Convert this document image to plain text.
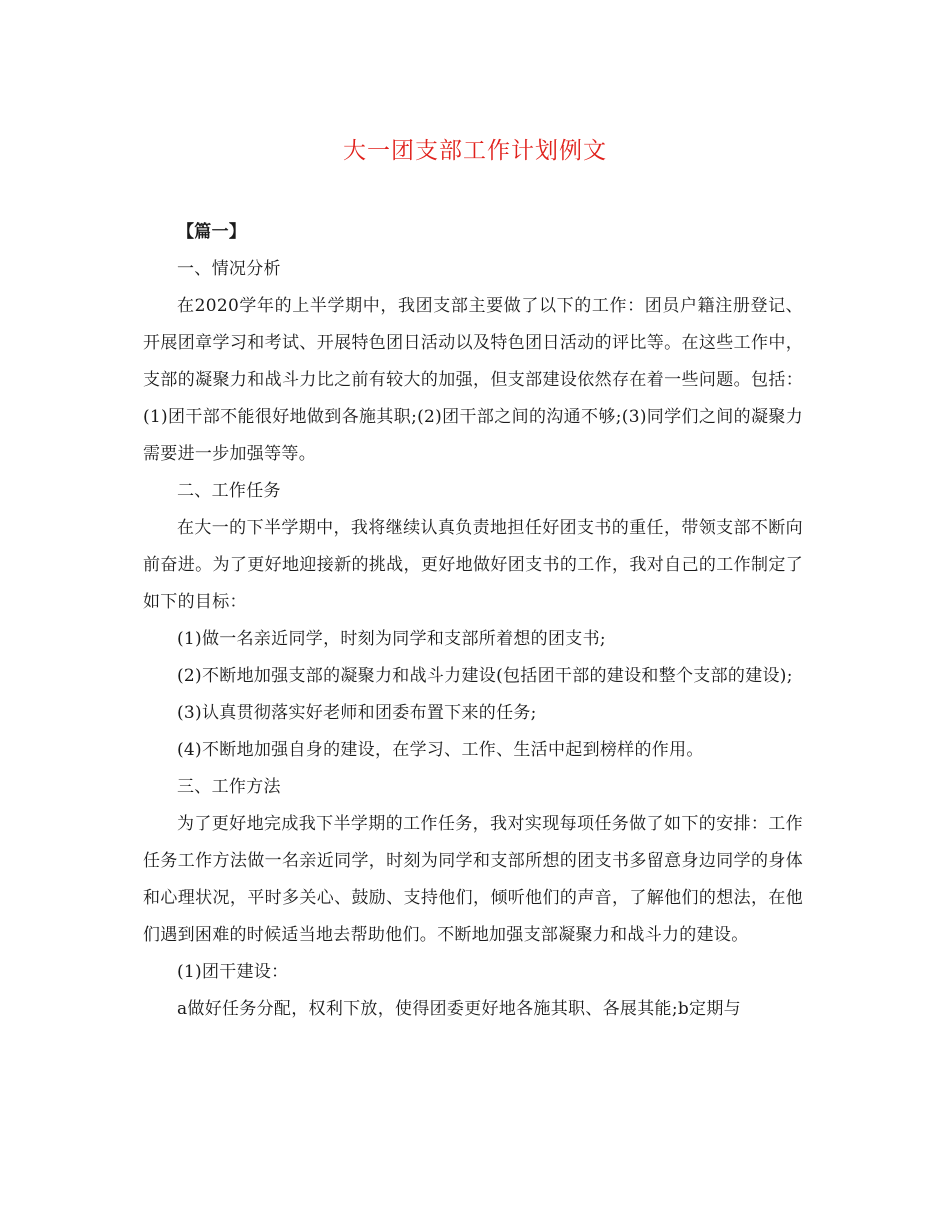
大一团支部工作计划例文

【篇一】

一、情况分析

在2020学年的上半学期中，我团支部主要做了以下的工作：团员户籍注册登记、开展团章学习和考试、开展特色团日活动以及特色团日活动的评比等。在这些工作中，支部的凝聚力和战斗力比之前有较大的加强，但支部建设依然存在着一些问题。包括：(1)团干部不能很好地做到各施其职;(2)团干部之间的沟通不够;(3)同学们之间的凝聚力需要进一步加强等等。

二、工作任务

在大一的下半学期中，我将继续认真负责地担任好团支书的重任，带领支部不断向前奋进。为了更好地迎接新的挑战，更好地做好团支书的工作，我对自己的工作制定了如下的目标：

(1)做一名亲近同学，时刻为同学和支部所着想的团支书;

(2)不断地加强支部的凝聚力和战斗力建设(包括团干部的建设和整个支部的建设);

(3)认真贯彻落实好老师和团委布置下来的任务;

(4)不断地加强自身的建设，在学习、工作、生活中起到榜样的作用。

三、工作方法

为了更好地完成我下半学期的工作任务，我对实现每项任务做了如下的安排：工作任务工作方法做一名亲近同学，时刻为同学和支部所想的团支书多留意身边同学的身体和心理状况，平时多关心、鼓励、支持他们，倾听他们的声音，了解他们的想法，在他们遇到困难的时候适当地去帮助他们。不断地加强支部凝聚力和战斗力的建设。

(1)团干建设：

a做好任务分配，权利下放，使得团委更好地各施其职、各展其能;b定期与
